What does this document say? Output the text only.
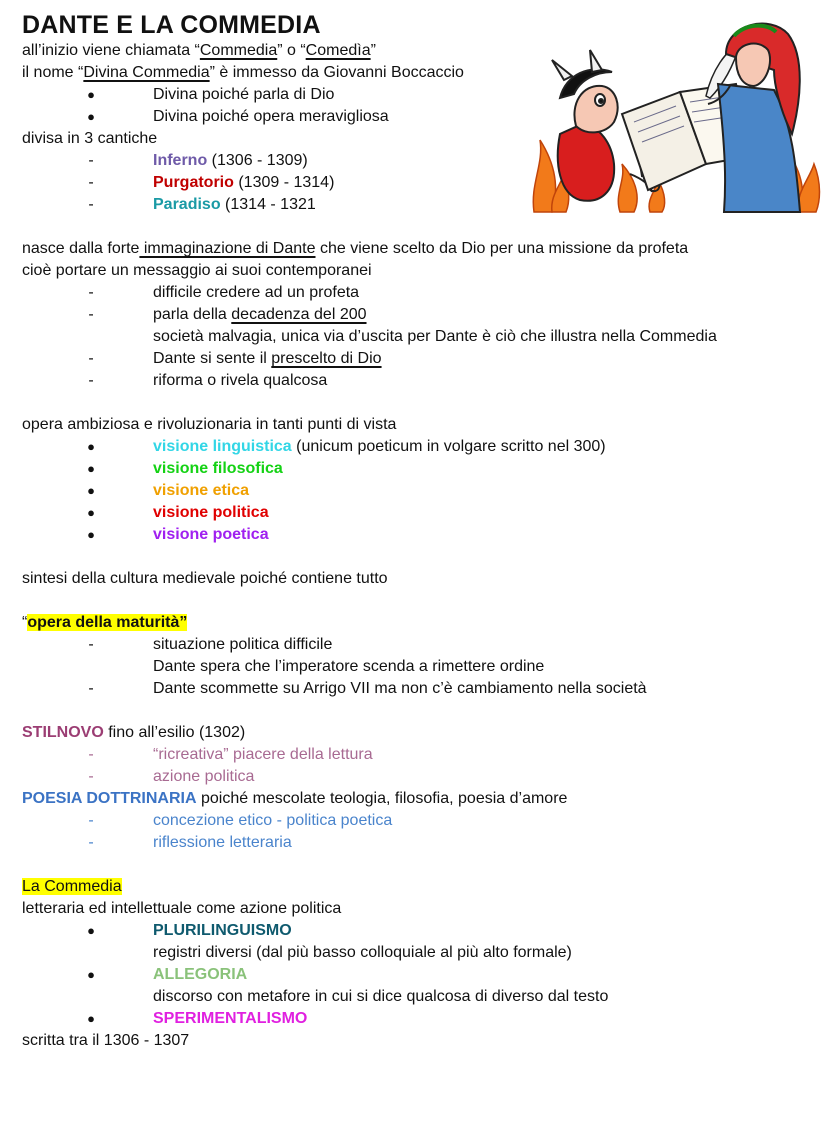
DANTE E LA COMMEDIA
all’inizio viene chiamata “Commedia” o “Comedìa”
il nome “Divina Commedia” è immesso da Giovanni Boccaccio
●	Divina poiché parla di Dio
●	Divina poiché opera meravigliosa
divisa in 3 cantiche
-	Inferno (1306 - 1309)
-	Purgatorio (1309 - 1314)
-	Paradiso (1314 - 1321
nasce dalla forte immaginazione di Dante che viene scelto da Dio per una missione da profeta
cioè portare un messaggio ai suoi contemporanei
-	difficile credere ad un profeta
-	parla della decadenza del 200
società malvagia, unica via d’uscita per Dante è ciò che illustra nella Commedia
-	Dante si sente il prescelto di Dio
-	riforma o rivela qualcosa
opera ambiziosa e rivoluzionaria in tanti punti di vista
●	visione linguistica (unicum poeticum in volgare scritto nel 300)
●	visione filosofica
●	visione etica
●	visione politica
●	visione poetica
sintesi della cultura medievale poiché contiene tutto
“opera della maturità”
-	situazione politica difficile
Dante spera che l’imperatore scenda a rimettere ordine
-	Dante scommette su Arrigo VII ma non c’è cambiamento nella società
STILNOVO fino all’esilio (1302)
-	“ricreativa” piacere della lettura
-	azione politica
POESIA DOTTRINARIA poiché mescolate teologia, filosofia, poesia d’amore
-	concezione etico - politica poetica
-	riflessione letteraria
La Commedia
letteraria ed intellettuale come azione politica
●	PLURILINGUISMO
registri diversi (dal più basso colloquiale al più alto formale)
●	ALLEGORIA
discorso con metafore in cui si dice qualcosa di diverso dal testo
●	SPERIMENTALISMO
scritta tra il 1306 - 1307
